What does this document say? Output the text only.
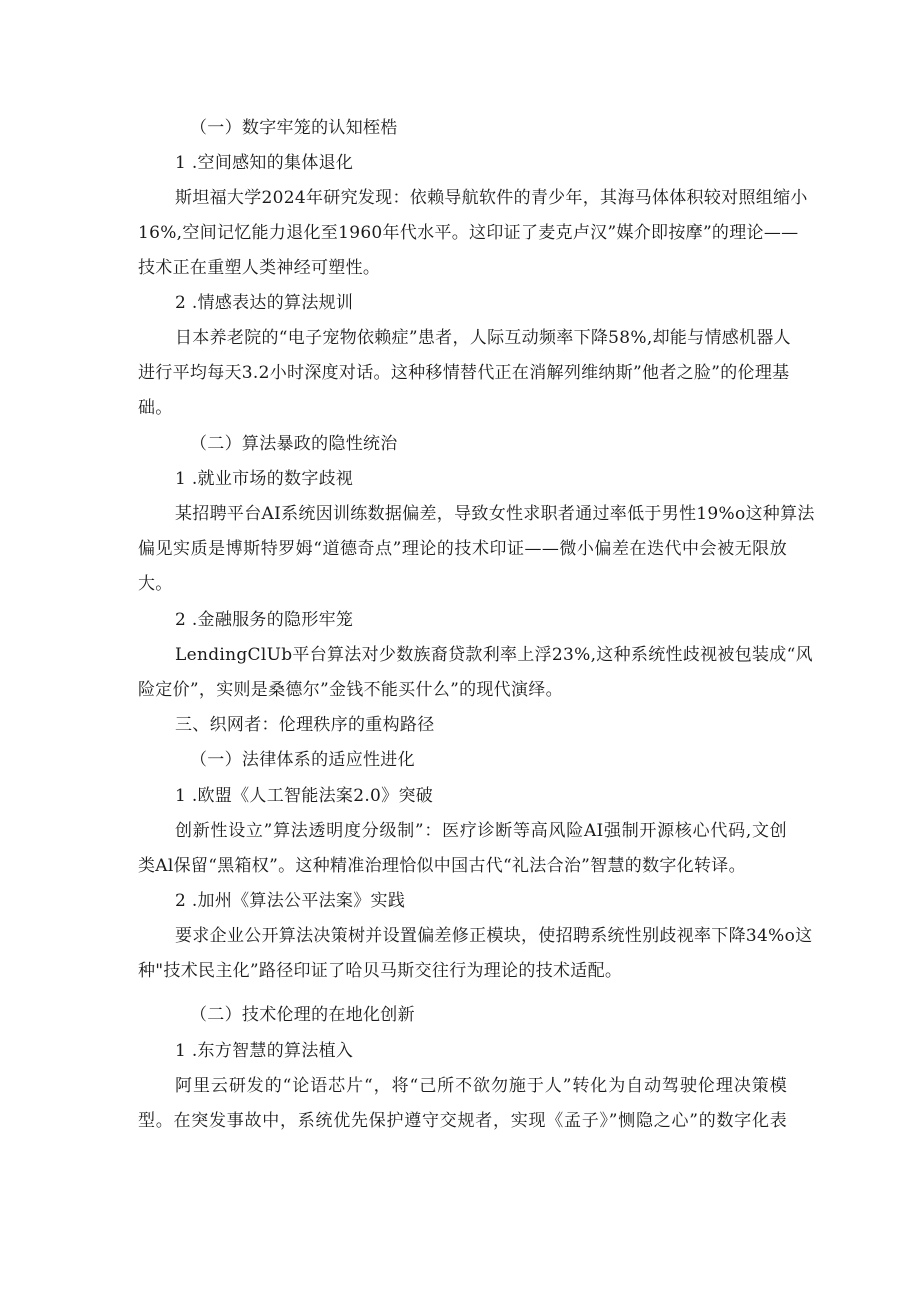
（一）数字牢笼的认知桎梏
1 .空间感知的集体退化
斯坦福大学2024年研究发现：依赖导航软件的青少年，其海马体体积较对照组缩小
16%,空间记忆能力退化至1960年代水平。这印证了麦克卢汉”媒介即按摩”的理论——
技术正在重塑人类神经可塑性。
2 .情感表达的算法规训
日本养老院的“电子宠物依赖症”患者，人际互动频率下降58%,却能与情感机器人
进行平均每天3.2小时深度对话。这种移情替代正在消解列维纳斯”他者之脸”的伦理基
础。
（二）算法暴政的隐性统治
1 .就业市场的数字歧视
某招聘平台AI系统因训练数据偏差，导致女性求职者通过率低于男性19%o这种算法
偏见实质是博斯特罗姆“道德奇点”理论的技术印证——微小偏差在迭代中会被无限放
大。
2 .金融服务的隐形牢笼
LendingClUb平台算法对少数族裔贷款利率上浮23%,这种系统性歧视被包装成“风
险定价”，实则是桑德尔”金钱不能买什么”的现代演绎。
三、织网者：伦理秩序的重构路径
（一）法律体系的适应性进化
1 .欧盟《人工智能法案2.0》突破
创新性设立”算法透明度分级制”：医疗诊断等高风险AI强制开源核心代码,文创
类Al保留“黑箱权”。这种精准治理恰似中国古代“礼法合治”智慧的数字化转译。
2 .加州《算法公平法案》实践
要求企业公开算法决策树并设置偏差修正模块，使招聘系统性别歧视率下降34%o这
种"技术民主化”路径印证了哈贝马斯交往行为理论的技术适配。
（二）技术伦理的在地化创新
1 .东方智慧的算法植入
阿里云研发的“论语芯片“，将“己所不欲勿施于人”转化为自动驾驶伦理决策模
型。在突发事故中，系统优先保护遵守交规者，实现《孟子》”恻隐之心”的数字化表
